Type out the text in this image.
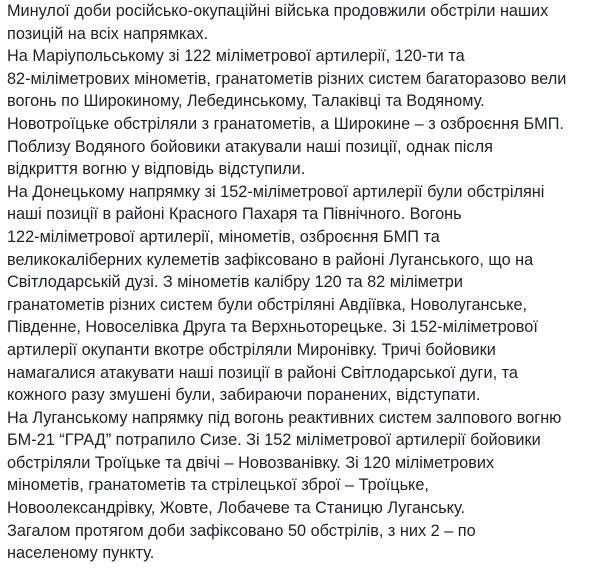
Минулої доби російсько-окупаційні війська продовжили обстріли наших
позицій на всіх напрямках.

На Маріупольському зі 122 міліметрової артилерії, 120-ти та
82-міліметрових мінометів, гранатометів різних систем багаторазово вели
вогонь по Широкиному, Лебединському, Талаківці та Водяному.

Новотроїцьке обстріляли з гранатометів, а Широкине – з озброєння БМП.

Поблизу Водяного бойовики атакували наші позиції, однак після
відкриття вогню у відповідь відступили.

На Донецькому напрямку зі 152-міліметрової артилерії були обстріляні
наші позиції в районі Красного Пахаря та Північного. Вогонь
122-міліметрової артилерії, мінометів, озброєння БМП та
великокаліберних кулеметів зафіксовано в районі Луганського, що на
Світлодарській дузі. З мінометів калібру 120 та 82 міліметри
гранатометів різних систем були обстріляні Авдіївка, Новолуганське,
Південне, Новоселівка Друга та Верхньоторецьке. Зі 152-міліметрової
артилерії окупанти вкотре обстріляли Миронівку. Тричі бойовики
намагалися атакувати наші позиції в районі Світлодарської дуги, та
кожного разу змушені були, забираючи поранених, відступати.

На Луганському напрямку під вогонь реактивних систем залпового вогню
БМ-21 “ГРАД” потрапило Сизе. Зі 152 міліметрової артилерії бойовики
обстріляли Троїцьке та двічі – Новозванівку. Зі 120 міліметрових
мінометів, гранатометів та стрілецької зброї – Троїцьке,
Новоолександрівку, Жовте, Лобачеве та Станицю Луганську.

Загалом протягом доби зафіксовано 50 обстрілів, з них 2 – по
населеному пункту.
